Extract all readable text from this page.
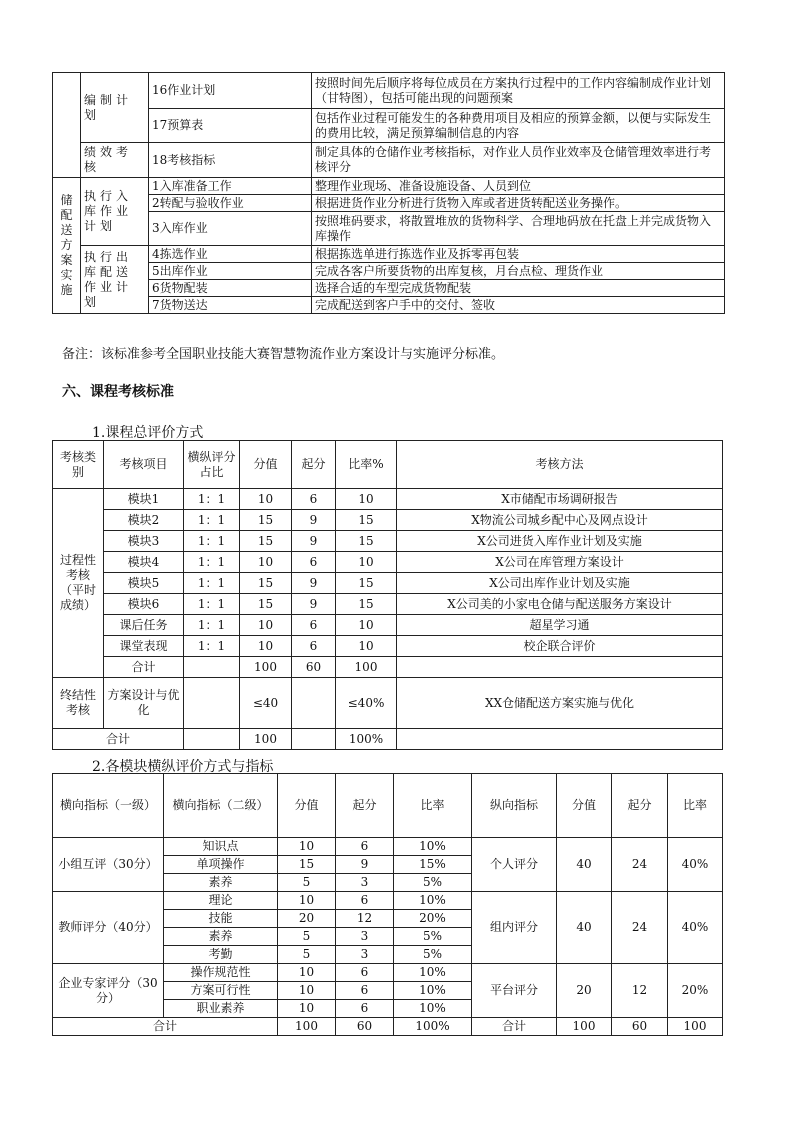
	编制计划	16作业计划	按照时间先后顺序将每位成员在方案执行过程中的工作内容编制成作业计划（甘特图），包括可能出现的问题预案
		17预算表	包括作业过程可能发生的各种费用项目及相应的预算金额，以便与实际发生的费用比较，满足预算编制信息的内容
	绩效考核	18考核指标	制定具体的仓储作业考核指标，对作业人员作业效率及仓储管理效率进行考核评分
储配送方案实施	执行入库作业计划	1入库准备工作	整理作业现场、准备设施设备、人员到位
		2转配与验收作业	根据进货作业分析进行货物入库或者进货转配送业务操作。
		3入库作业	按照堆码要求，将散置堆放的货物科学、合理地码放在托盘上并完成货物入库操作
	执行出库配送作业计划	4拣选作业	根据拣选单进行拣选作业及拆零再包装
		5出库作业	完成各客户所要货物的出库复核，月台点检、理货作业
		6货物配装	选择合适的车型完成货物配装
		7货物送达	完成配送到客户手中的交付、签收
备注：该标准参考全国职业技能大赛智慧物流作业方案设计与实施评分标准。
六、课程考核标准
1.课程总评价方式
考核类别	考核项目	横纵评分占比	分值	起分	比率%	考核方法
过程性考核（平时成绩）	模块1	1：1	10	6	10	X市储配市场调研报告
	模块2	1：1	15	9	15	X物流公司城乡配中心及网点设计
	模块3	1：1	15	9	15	X公司进货入库作业计划及实施
	模块4	1：1	10	6	10	X公司在库管理方案设计
	模块5	1：1	15	9	15	X公司出库作业计划及实施
	模块6	1：1	15	9	15	X公司美的小家电仓储与配送服务方案设计
	课后任务	1：1	10	6	10	超星学习通
	课堂表现	1：1	10	6	10	校企联合评价
	合计		100	60	100	
终结性考核	方案设计与优化		≤40		≤40%	XX仓储配送方案实施与优化
合计			100		100%	
2.各模块横纵评价方式与指标
横向指标（一级）	横向指标（二级）	分值	起分	比率	纵向指标	分值	起分	比率
小组互评（30分）	知识点	10	6	10%	个人评分	40	24	40%
	单项操作	15	9	15%				
	素养	5	3	5%				
教师评分（40分）	理论	10	6	10%	组内评分	40	24	40%
	技能	20	12	20%				
	素养	5	3	5%				
	考勤	5	3	5%				
企业专家评分（30分）	操作规范性	10	6	10%	平台评分	20	12	20%
	方案可行性	10	6	10%				
	职业素养	10	6	10%				
合计		100	60	100%	合计	100	60	100
